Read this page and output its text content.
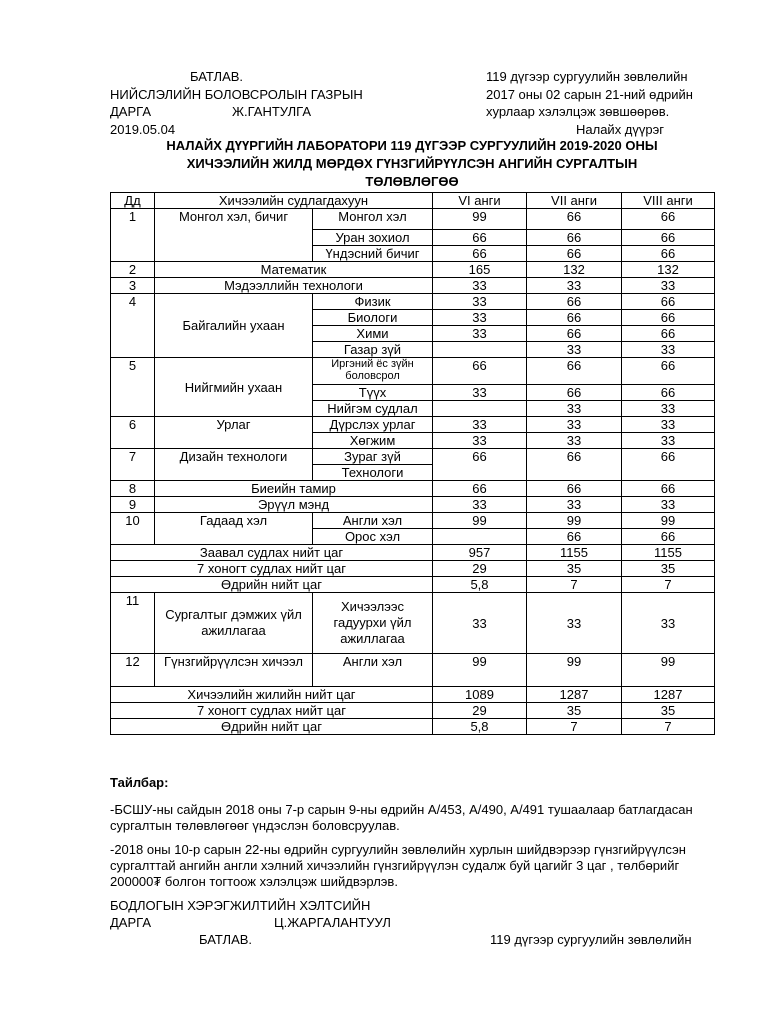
БАТЛАВ.
НИЙСЛЭЛИЙН БОЛОВСРОЛЫН ГАЗРЫН
ДАРГА	Ж.ГАНТУЛГА
2019.05.04
119 дүгээр сургуулийн зөвлөлийн
2017 оны 02 сарын 21-ний өдрийн
хурлаар хэлэлцэж зөвшөөрөв.
Налайх дүүрэг
НАЛАЙХ ДҮҮРГИЙН ЛАБОРАТОРИ 119 ДҮГЭЭР СУРГУУЛИЙН 2019-2020 ОНЫ
ХИЧЭЭЛИЙН ЖИЛД МӨРДӨХ ГҮНЗГИЙРҮҮЛСЭН АНГИЙН СУРГАЛТЫН
ТӨЛӨВЛӨГӨӨ
Дд	Хичээлийн судлагдахуун		VI анги	VII анги	VIII анги
1	Монгол хэл, бичиг	Монгол хэл	99	66	66
		Уран зохиол	66	66	66
		Үндэсний бичиг	66	66	66
2	Математик		165	132	132
3	Мэдээллийн технологи		33	33	33
4	Байгалийн ухаан	Физик	33	66	66
		Биологи	33	66	66
		Хими	33	66	66
		Газар зүй		33	33
5	Нийгмийн ухаан	Иргэний ёс зүйн боловсрол	66	66	66
		Түүх	33	66	66
		Нийгэм судлал		33	33
6	Урлаг	Дүрслэх урлаг	33	33	33
		Хөгжим	33	33	33
7	Дизайн технологи	Зураг зүй	66	66	66
		Технологи			
8	Биеийн тамир		66	66	66
9	Эрүүл мэнд		33	33	33
10	Гадаад хэл	Англи хэл	99	99	99
		Орос хэл		66	66
Заавал судлах нийт цаг			957	1155	1155
7 хоногт судлах нийт цаг			29	35	35
Өдрийн нийт цаг			5,8	7	7
11	Сургалтыг дэмжих үйл ажиллагаа	Хичээлээс гадуурхи үйл ажиллагаа	33	33	33
12	Гүнзгийрүүлсэн хичээл	Англи хэл	99	99	99
Хичээлийн жилийн нийт цаг			1089	1287	1287
7 хоногт судлах нийт цаг			29	35	35
Өдрийн нийт цаг			5,8	7	7
Тайлбар:
-БСШУ-ны сайдын 2018 оны 7-р сарын 9-ны өдрийн А/453, А/490, А/491 тушаалаар батлагдасан сургалтын төлөвлөгөөг үндэслэн боловсруулав.
-2018 оны 10-р сарын 22-ны өдрийн сургуулийн зөвлөлийн хурлын шийдвэрээр гүнзгийрүүлсэн сургалттай ангийн англи хэлний хичээлийн гүнзгийрүүлэн судалж буй цагийг 3 цаг , төлбөрийг 200000₮ болгон тогтоож хэлэлцэж шийдвэрлэв.
БОДЛОГЫН ХЭРЭГЖИЛТИЙН ХЭЛТСИЙН
ДАРГА	Ц.ЖАРГАЛАНТУУЛ
БАТЛАВ.	119 дүгээр сургуулийн зөвлөлийн
